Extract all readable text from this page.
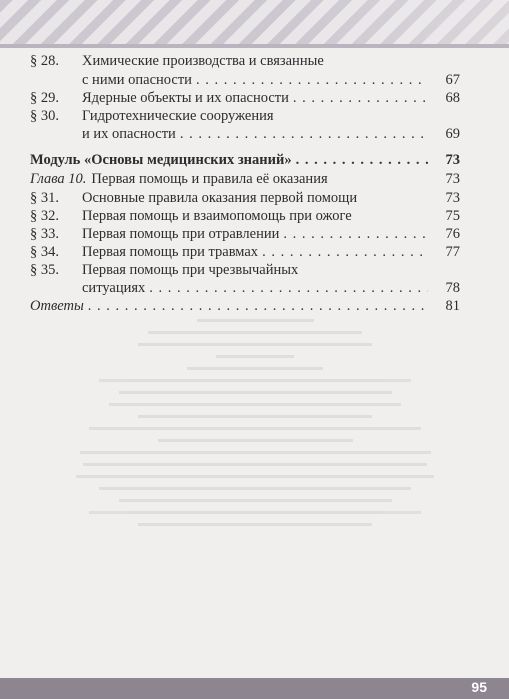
§ 28.	Химические производства и связанные
с ними опасности . . .	67
§ 29.	Ядерные объекты и их опасности . . .	68
§ 30.	Гидротехнические сооружения
и их опасности . . .	69
Модуль «Основы медицинских знаний» . . .	73
Глава 10. Первая помощь и правила её оказания	73
§ 31.	Основные правила оказания первой помощи	73
§ 32.	Первая помощь и взаимопомощь при ожоге	75
§ 33.	Первая помощь при отравлении . . .	76
§ 34.	Первая помощь при травмах . . .	77
§ 35.	Первая помощь при чрезвычайных
ситуациях . . .	78
Ответы . . .	81
95
